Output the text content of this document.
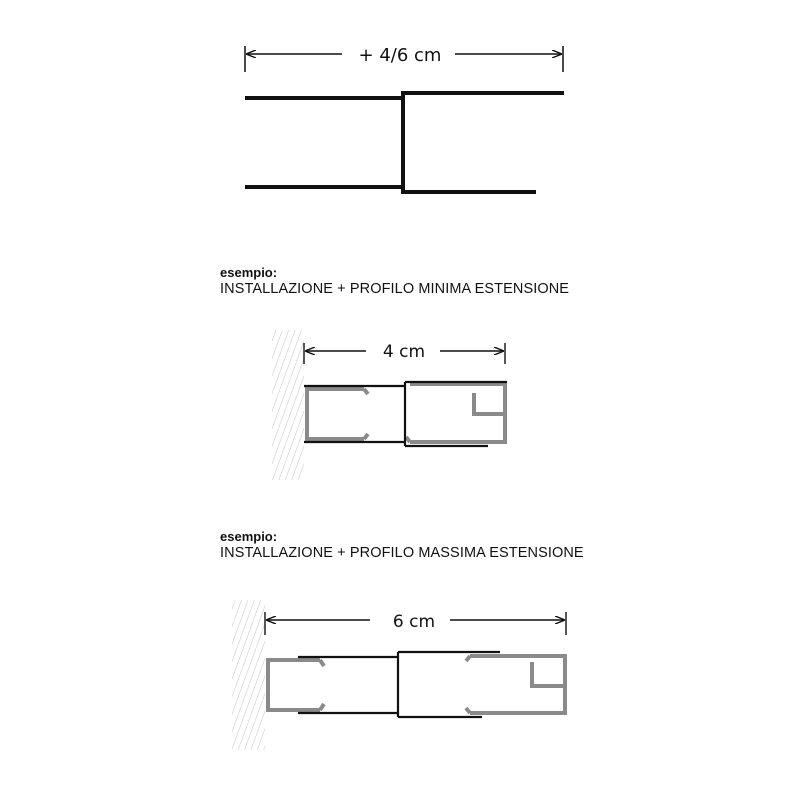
+ 4/6 cm
4 cm
6 cm
esempio:
INSTALLAZIONE + PROFILO MINIMA ESTENSIONE
esempio:
INSTALLAZIONE + PROFILO MASSIMA ESTENSIONE
